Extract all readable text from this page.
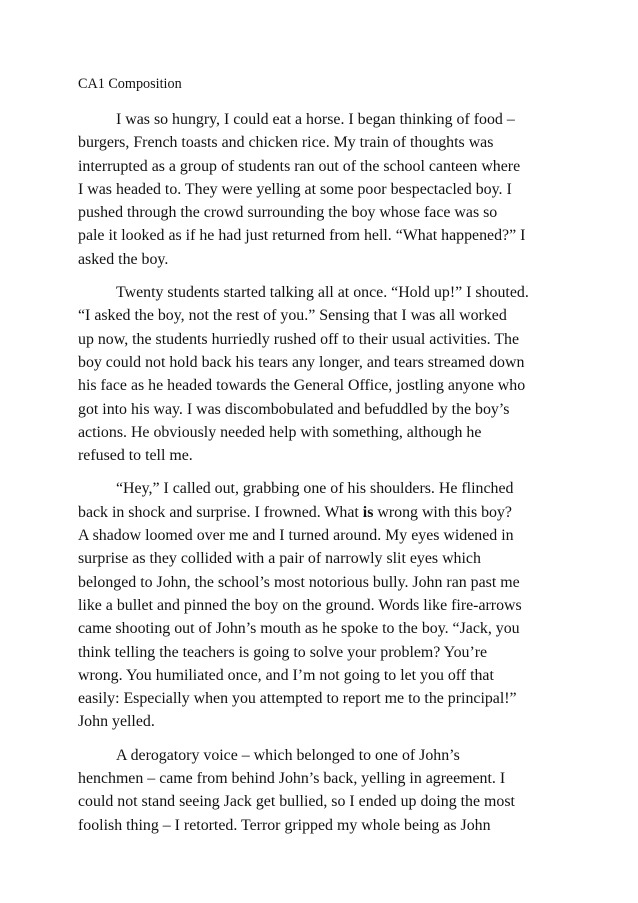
CA1 Composition
I was so hungry, I could eat a horse. I began thinking of food –
burgers, French toasts and chicken rice. My train of thoughts was
interrupted as a group of students ran out of the school canteen where
I was headed to. They were yelling at some poor bespectacled boy. I
pushed through the crowd surrounding the boy whose face was so
pale it looked as if he had just returned from hell. “What happened?” I
asked the boy.
Twenty students started talking all at once. “Hold up!” I shouted.
“I asked the boy, not the rest of you.” Sensing that I was all worked
up now, the students hurriedly rushed off to their usual activities. The
boy could not hold back his tears any longer, and tears streamed down
his face as he headed towards the General Office, jostling anyone who
got into his way. I was discombobulated and befuddled by the boy’s
actions. He obviously needed help with something, although he
refused to tell me.
“Hey,” I called out, grabbing one of his shoulders. He flinched
back in shock and surprise. I frowned. What is wrong with this boy?
A shadow loomed over me and I turned around. My eyes widened in
surprise as they collided with a pair of narrowly slit eyes which
belonged to John, the school’s most notorious bully. John ran past me
like a bullet and pinned the boy on the ground. Words like fire-arrows
came shooting out of John’s mouth as he spoke to the boy. “Jack, you
think telling the teachers is going to solve your problem? You’re
wrong. You humiliated once, and I’m not going to let you off that
easily: Especially when you attempted to report me to the principal!”
John yelled.
A derogatory voice – which belonged to one of John’s
henchmen – came from behind John’s back, yelling in agreement. I
could not stand seeing Jack get bullied, so I ended up doing the most
foolish thing – I retorted. Terror gripped my whole being as John
